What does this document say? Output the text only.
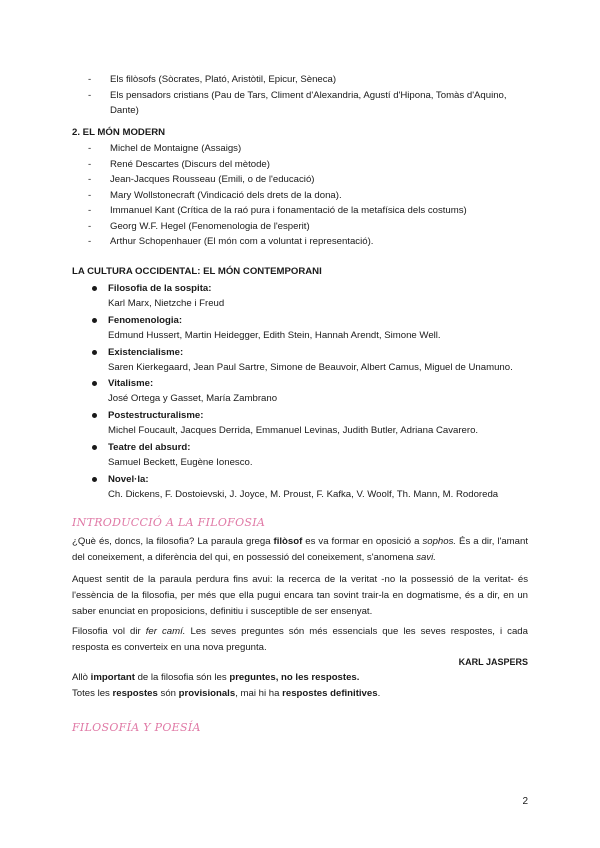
- Els filòsofs (Sòcrates, Plató, Aristòtil, Epicur, Sèneca)
- Els pensadors cristians (Pau de Tars, Climent d'Alexandria, Agustí d'Hipona, Tomàs d'Aquino, Dante)
2. EL MÓN MODERN
- Michel de Montaigne (Assaigs)
- René Descartes (Discurs del mètode)
- Jean-Jacques Rousseau (Emili, o de l'educació)
- Mary Wollstonecraft (Vindicació dels drets de la dona).
- Immanuel Kant (Crítica de la raó pura i fonamentació de la metafísica dels costums)
- Georg W.F. Hegel (Fenomenologia de l'esperit)
- Arthur Schopenhauer (El món com a voluntat i representació).
LA CULTURA OCCIDENTAL: EL MÓN CONTEMPORANI
Filosofia de la sospita:
Karl Marx, Nietzche i Freud
Fenomenologia:
Edmund Hussert, Martin Heidegger, Edith Stein, Hannah Arendt, Simone Well.
Existencialisme:
Saren Kierkegaard, Jean Paul Sartre, Simone de Beauvoir, Albert Camus, Miguel de Unamuno.
Vitalisme:
José Ortega y Gasset, María Zambrano
Postestructuralisme:
Michel Foucault, Jacques Derrida, Emmanuel Levinas, Judith Butler, Adriana Cavarero.
Teatre del absurd:
Samuel Beckett, Eugène Ionesco.
Novel·la:
Ch. Dickens, F. Dostoievski, J. Joyce, M. Proust, F. Kafka, V. Woolf, Th. Mann, M. Rodoreda
INTRODUCCIÓ A LA FILOFOSIA
¿Què és, doncs, la filosofia? La paraula grega filòsof es va formar en oposició a sophos. És a dir, l'amant del coneixement, a diferència del qui, en possessió del coneixement, s'anomena savi.
Aquest sentit de la paraula perdura fins avui: la recerca de la veritat -no la possessió de la veritat- és l'essència de la filosofia, per més que ella pugui encara tan sovint trair-la en dogmatisme, és a dir, en un saber enunciat en proposicions, definitiu i susceptible de ser ensenyat.
Filosofia vol dir fer camí. Les seves preguntes són més essencials que les seves respostes, i cada resposta es converteix en una nova pregunta.
KARL JASPERS
Allò important de la filosofia són les preguntes, no les respostes.
Totes les respostes són provisionals, mai hi ha respostes definitives.
FILOSOFÍA Y POESÍA
2
